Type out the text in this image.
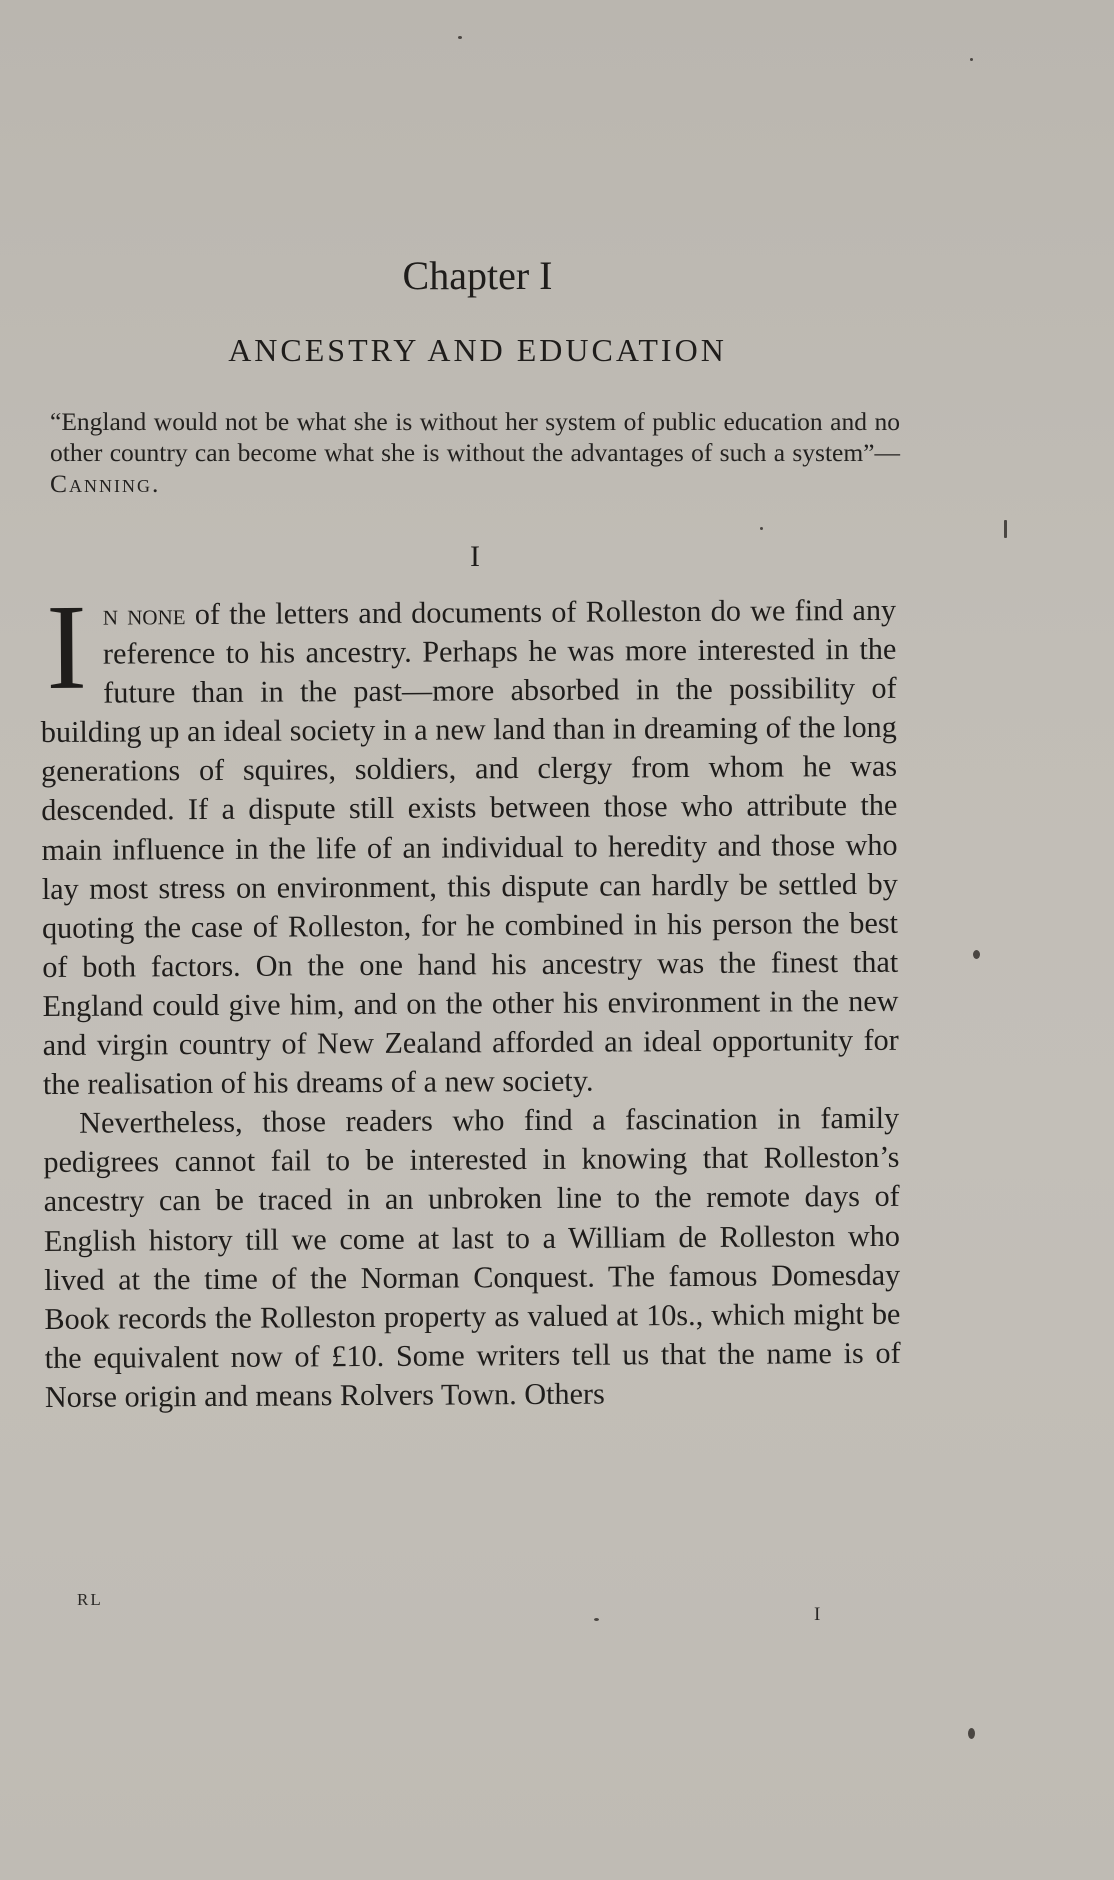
Chapter I
ANCESTRY AND EDUCATION
“England would not be what she is without her system of public education and no other country can become what she is without the advantages of such a system”—Canning.
I

In none of the letters and documents of Rolleston do we find any reference to his ancestry. Perhaps he was more interested in the future than in the past—more absorbed in the possibility of building up an ideal society in a new land than in dreaming of the long generations of squires, soldiers, and clergy from whom he was descended. If a dispute still exists between those who attribute the main influence in the life of an individual to heredity and those who lay most stress on environment, this dispute can hardly be settled by quoting the case of Rolleston, for he combined in his person the best of both factors. On the one hand his ancestry was the finest that England could give him, and on the other his environment in the new and virgin country of New Zealand afforded an ideal opportunity for the realisation of his dreams of a new society.

Nevertheless, those readers who find a fascination in family pedigrees cannot fail to be interested in knowing that Rolleston’s ancestry can be traced in an unbroken line to the remote days of English history till we come at last to a William de Rolleston who lived at the time of the Norman Conquest. The famous Domesday Book records the Rolleston property as valued at 10s., which might be the equivalent now of £10. Some writers tell us that the name is of Norse origin and means Rolvers Town. Others

RL
I
